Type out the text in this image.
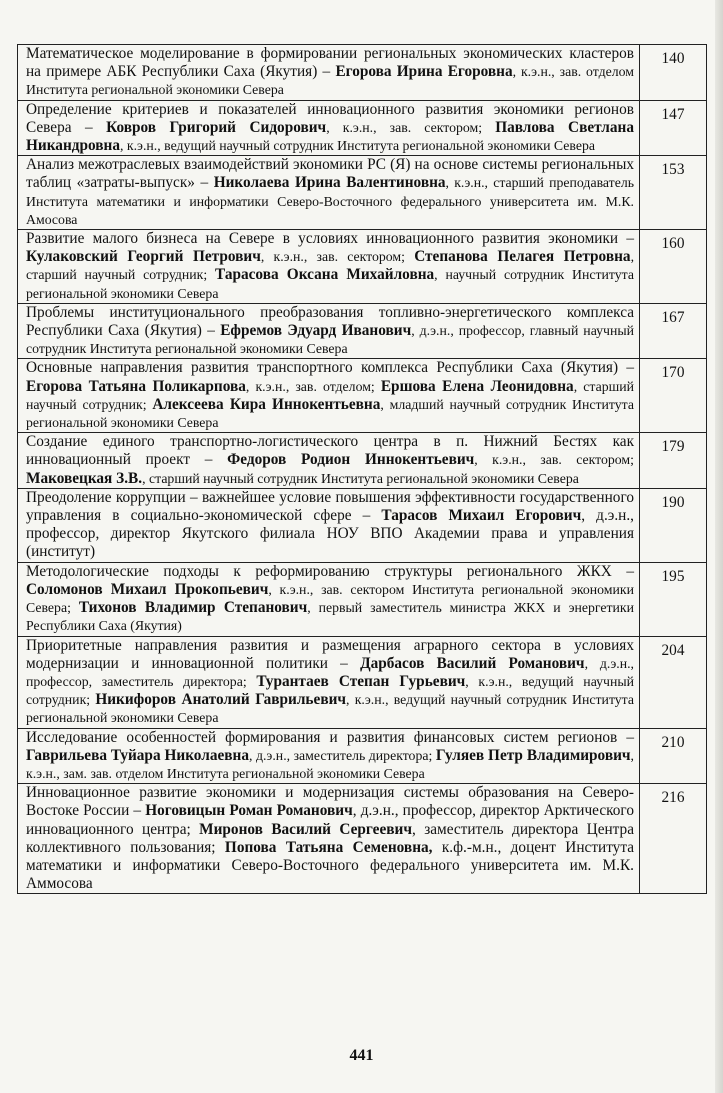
Математическое моделирование в формировании региональных экономических кластеров на примере АБК Республики Саха (Якутия) – Егорова Ирина Егоровна, к.э.н., зав. отделом Института региональной экономики Севера	140
Определение критериев и показателей инновационного развития экономики регионов Севера – Ковров Григорий Сидорович, к.э.н., зав. сектором; Павлова Светлана Никандровна, к.э.н., ведущий научный сотрудник Института региональной экономики Севера	147
Анализ межотраслевых взаимодействий экономики РС (Я) на основе системы региональных таблиц «затраты-выпуск» – Николаева Ирина Валентиновна, к.э.н., старший преподаватель Института математики и информатики Северо-Восточного федерального университета им. М.К. Амосова	153
Развитие малого бизнеса на Севере в условиях инновационного развития экономики – Кулаковский Георгий Петрович, к.э.н., зав. сектором; Степанова Пелагея Петровна, старший научный сотрудник; Тарасова Оксана Михайловна, научный сотрудник Института региональной экономики Севера	160
Проблемы институционального преобразования топливно-энергетического комплекса Республики Саха (Якутия) – Ефремов Эдуард Иванович, д.э.н., профессор, главный научный сотрудник Института региональной экономики Севера	167
Основные направления развития транспортного комплекса Республики Саха (Якутия) – Егорова Татьяна Поликарпова, к.э.н., зав. отделом; Ершова Елена Леонидовна, старший научный сотрудник; Алексеева Кира Иннокентьевна, младший научный сотрудник Института региональной экономики Севера	170
Создание единого транспортно-логистического центра в п. Нижний Бестях как инновационный проект – Федоров Родион Иннокентьевич, к.э.н., зав. сектором; Маковецкая З.В., старший научный сотрудник Института региональной экономики Севера	179
Преодоление коррупции – важнейшее условие повышения эффективности государственного управления в социально-экономической сфере – Тарасов Михаил Егорович, д.э.н., профессор, директор Якутского филиала НОУ ВПО Академии права и управления (институт)	190
Методологические подходы к реформированию структуры регионального ЖКХ – Соломонов Михаил Прокопьевич, к.э.н., зав. сектором Института региональной экономики Севера; Тихонов Владимир Степанович, первый заместитель министра ЖКХ и энергетики Республики Саха (Якутия)	195
Приоритетные направления развития и размещения аграрного сектора в условиях модернизации и инновационной политики – Дарбасов Василий Романович, д.э.н., профессор, заместитель директора; Турантаев Степан Гурьевич, к.э.н., ведущий научный сотрудник; Никифоров Анатолий Гаврильевич, к.э.н., ведущий научный сотрудник Института региональной экономики Севера	204
Исследование особенностей формирования и развития финансовых систем регионов – Гаврильева Туйара Николаевна, д.э.н., заместитель директора; Гуляев Петр Владимирович, к.э.н., зам. зав. отделом Института региональной экономики Севера	210
Инновационное развитие экономики и модернизация системы образования на Северо-Востоке России – Ноговицын Роман Романович, д.э.н., профессор, директор Арктического инновационного центра; Миронов Василий Сергеевич, заместитель директора Центра коллективного пользования; Попова Татьяна Семеновна, к.ф.-м.н., доцент Института математики и информатики Северо-Восточного федерального университета им. М.К. Аммосова	216
441
